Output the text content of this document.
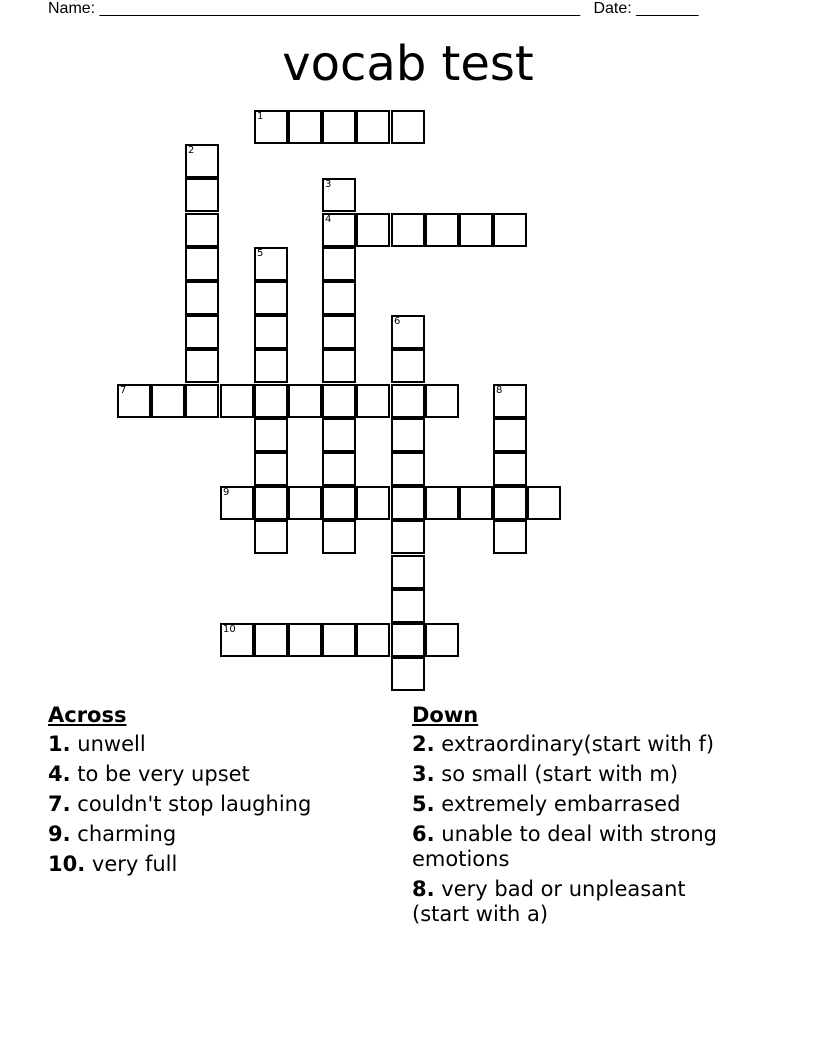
Name: ______________________________________________________ Date: _______
vocab test
1
2
3
4
5
6
7	8
9
10
Across
1. unwell
4. to be very upset
7. couldn't stop laughing
9. charming
10. very full
Down
2. extraordinary(start with f)
3. so small (start with m)
5. extremely embarrased
6. unable to deal with strong emotions
8. very bad or unpleasant (start with a)
